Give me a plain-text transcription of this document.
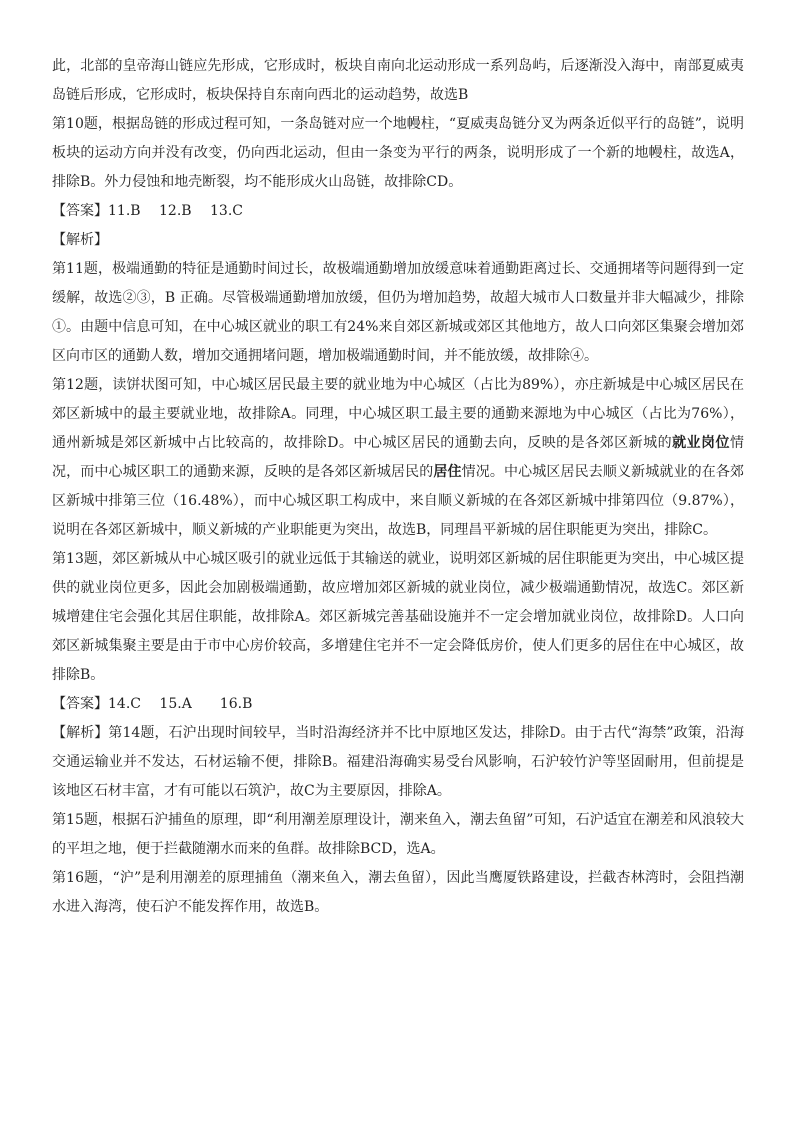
此，北部的皇帝海山链应先形成，它形成时，板块自南向北运动形成一系列岛屿，后逐渐没入海中，南部夏威夷岛链后形成，它形成时，板块保持自东南向西北的运动趋势，故选B

第10题，根据岛链的形成过程可知，一条岛链对应一个地幔柱，“夏威夷岛链分叉为两条近似平行的岛链”，说明板块的运动方向并没有改变，仍向西北运动，但由一条变为平行的两条，说明形成了一个新的地幔柱，故选A，排除B。外力侵蚀和地壳断裂，均不能形成火山岛链，故排除CD。

【答案】11.B　 12.B　 13.C

【解析】

第11题，极端通勤的特征是通勤时间过长，故极端通勤增加放缓意味着通勤距离过长、交通拥堵等问题得到一定缓解，故选②③，B 正确。尽管极端通勤增加放缓，但仍为增加趋势，故超大城市人口数量并非大幅减少，排除①。由题中信息可知，在中心城区就业的职工有24%来自郊区新城或郊区其他地方，故人口向郊区集聚会增加郊区向市区的通勤人数，增加交通拥堵问题，增加极端通勤时间，并不能放缓，故排除④。

第12题，读饼状图可知，中心城区居民最主要的就业地为中心城区（占比为89%），亦庄新城是中心城区居民在郊区新城中的最主要就业地，故排除A。同理，中心城区职工最主要的通勤来源地为中心城区（占比为76%），通州新城是郊区新城中占比较高的，故排除D。中心城区居民的通勤去向，反映的是各郊区新城的就业岗位情况，而中心城区职工的通勤来源，反映的是各郊区新城居民的居住情况。中心城区居民去顺义新城就业的在各郊区新城中排第三位（16.48%），而中心城区职工构成中，来自顺义新城的在各郊区新城中排第四位（9.87%），说明在各郊区新城中，顺义新城的产业职能更为突出，故选B，同理昌平新城的居住职能更为突出，排除C。

第13题，郊区新城从中心城区吸引的就业远低于其输送的就业，说明郊区新城的居住职能更为突出，中心城区提供的就业岗位更多，因此会加剧极端通勤，故应增加郊区新城的就业岗位，减少极端通勤情况，故选C。郊区新城增建住宅会强化其居住职能，故排除A。郊区新城完善基础设施并不一定会增加就业岗位，故排除D。人口向郊区新城集聚主要是由于市中心房价较高，多增建住宅并不一定会降低房价，使人们更多的居住在中心城区，故排除B。

【答案】14.C　 15.A　　16.B

【解析】第14题，石沪出现时间较早，当时沿海经济并不比中原地区发达，排除D。由于古代“海禁”政策，沿海交通运输业并不发达，石材运输不便，排除B。福建沿海确实易受台风影响，石沪较竹沪等坚固耐用，但前提是该地区石材丰富，才有可能以石筑沪，故C为主要原因，排除A。

第15题，根据石沪捕鱼的原理，即“利用潮差原理设计，潮来鱼入，潮去鱼留”可知，石沪适宜在潮差和风浪较大的平坦之地，便于拦截随潮水而来的鱼群。故排除BCD，选A。

第16题，“沪”是利用潮差的原理捕鱼（潮来鱼入，潮去鱼留），因此当鹰厦铁路建设，拦截杏林湾时，会阻挡潮水进入海湾，使石沪不能发挥作用，故选B。
